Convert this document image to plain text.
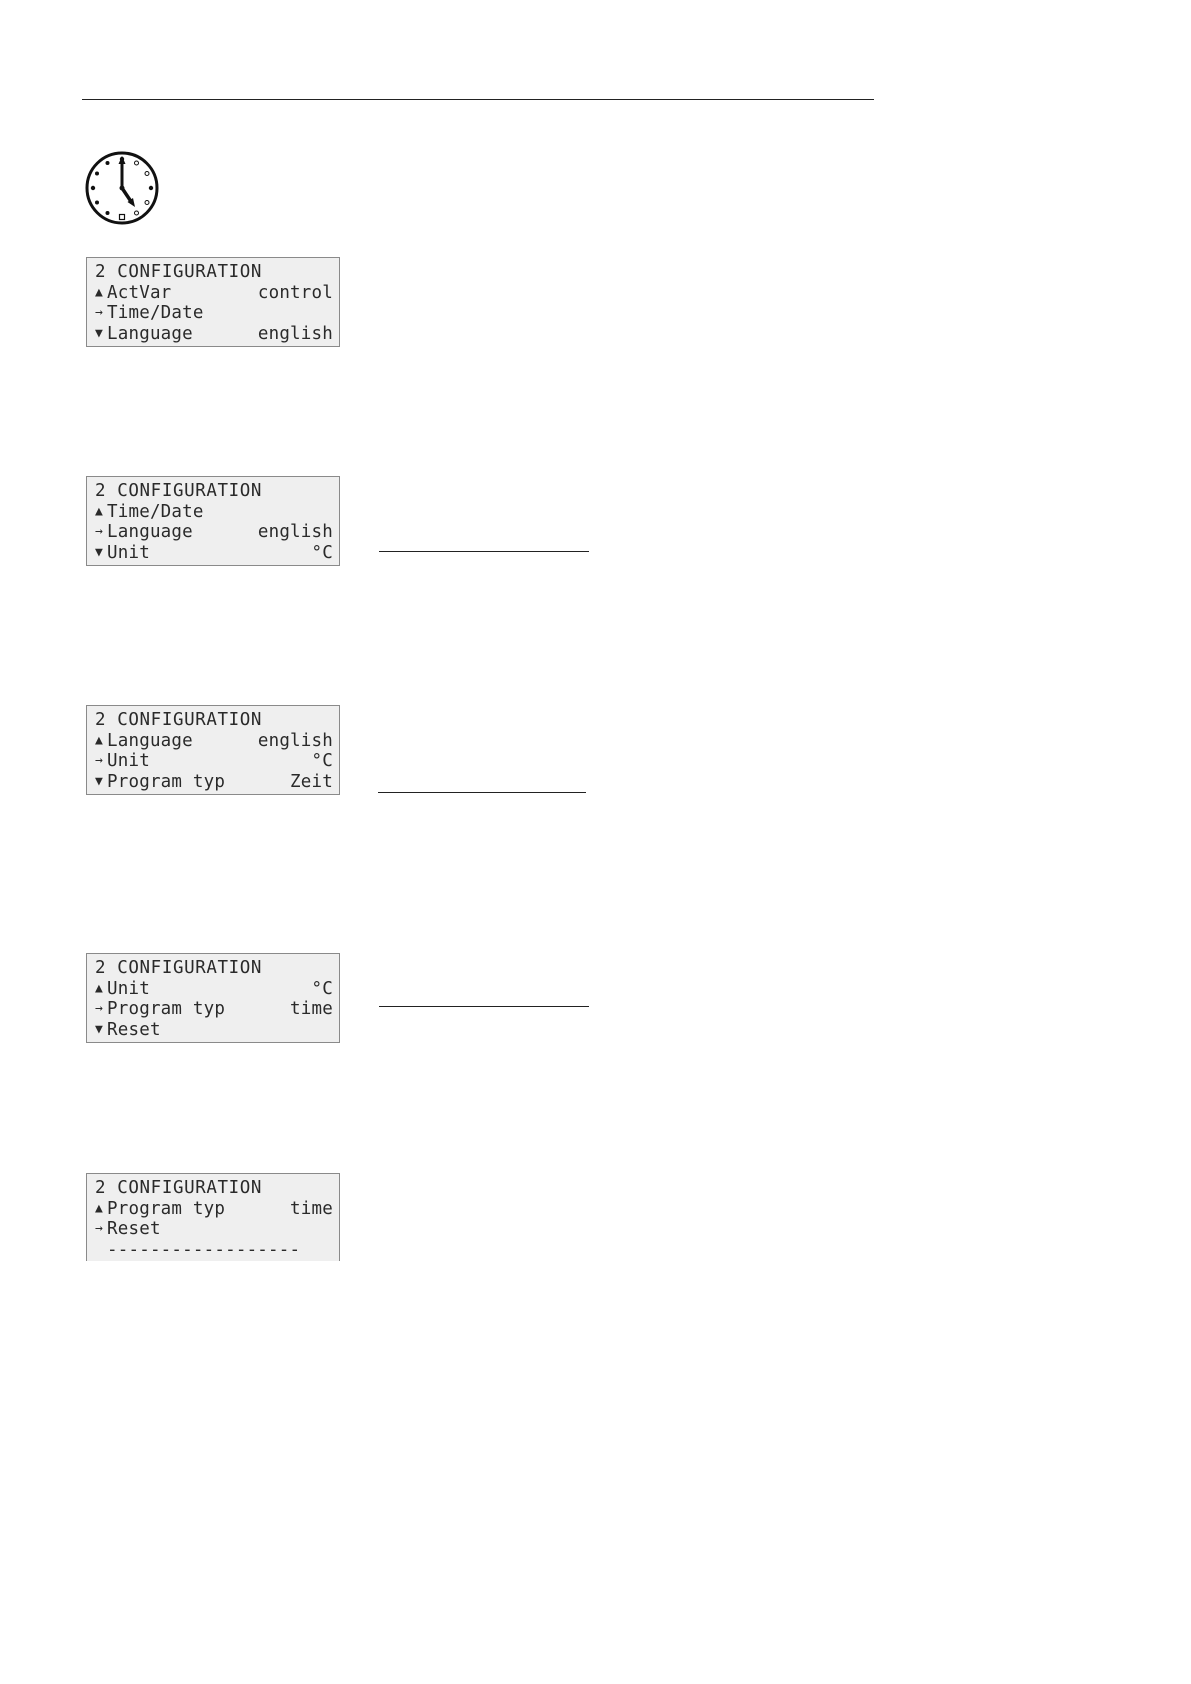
2 CONFIGURATION
▲ ActVar	control
→ Time/Date
▼ Language	english
2 CONFIGURATION
▲ Time/Date
→ Language	english
▼ Unit	°C
2 CONFIGURATION
▲ Language	english
→ Unit	°C
▼ Program typ	Zeit
2 CONFIGURATION
▲ Unit	°C
→ Program typ	time
▼ Reset
2 CONFIGURATION
▲ Program typ	time
→ Reset
------------------
